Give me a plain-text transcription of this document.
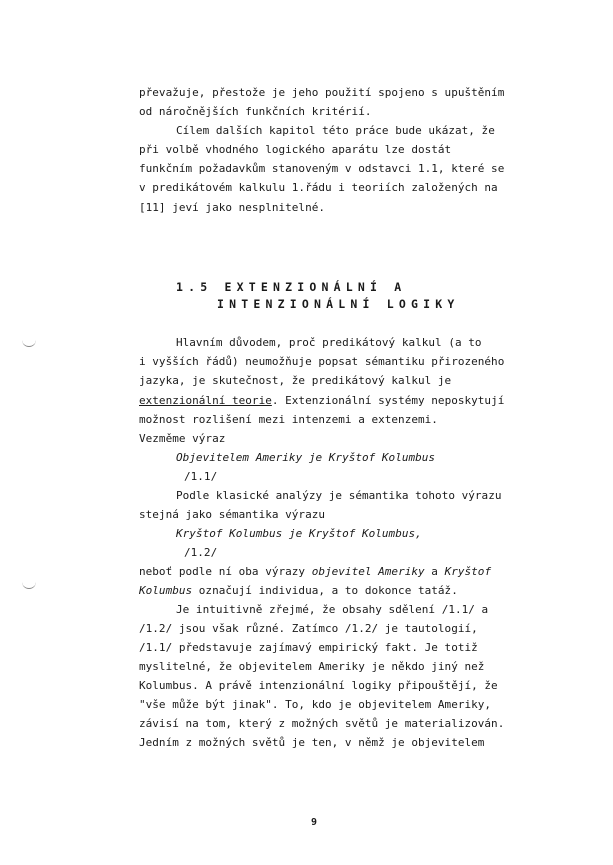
převažuje, přestože je jeho použití spojeno s upuštěním
od náročnějších funkčních kritérií.
Cílem dalších kapitol této práce bude ukázat, že
při volbě vhodného logického aparátu lze dostát
funkčním požadavkům stanoveným v odstavci 1.1, které se
v predikátovém kalkulu 1.řádu i teoriích založených na
[11] jeví jako nesplnitelné.
1.5 EXTENZIONÁLNÍ A
INTENZIONÁLNÍ LOGIKY
Hlavním důvodem, proč predikátový kalkul (a to
i vyšších řádů) neumožňuje popsat sémantiku přirozeného
jazyka, je skutečnost, že predikátový kalkul je
extenzionální teorie. Extenzionální systémy neposkytují
možnost rozlišení mezi intenzemi a extenzemi.
Vezměme výraz
Objevitelem Ameriky je Kryštof Kolumbus
/1.1/
Podle klasické analýzy je sémantika tohoto výrazu
stejná jako sémantika výrazu
Kryštof Kolumbus je Kryštof Kolumbus,
/1.2/
neboť podle ní oba výrazy objevitel Ameriky a Kryštof
Kolumbus označují individua, a to dokonce tatáž.
Je intuitivně zřejmé, že obsahy sdělení /1.1/ a
/1.2/ jsou však různé. Zatímco /1.2/ je tautologií,
/1.1/ představuje zajímavý empirický fakt. Je totiž
myslitelné, že objevitelem Ameriky je někdo jiný než
Kolumbus. A právě intenzionální logiky připouštějí, že
"vše může být jinak". To, kdo je objevitelem Ameriky,
závisí na tom, který z možných světů je materializován.
Jedním z možných světů je ten, v němž je objevitelem
9
